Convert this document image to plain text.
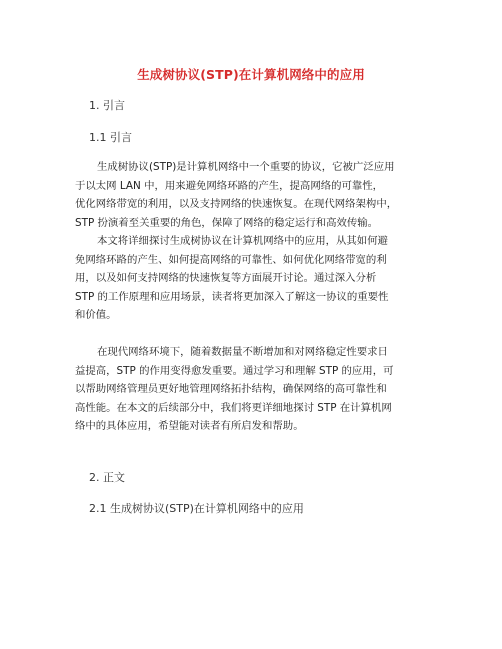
生成树协议(STP)在计算机网络中的应用
1. 引言
1.1 引言
生成树协议(STP)是计算机网络中一个重要的协议，它被广泛应用
于以太网 LAN 中，用来避免网络环路的产生，提高网络的可靠性，
优化网络带宽的利用，以及支持网络的快速恢复。在现代网络架构中，
STP 扮演着至关重要的角色，保障了网络的稳定运行和高效传输。
本文将详细探讨生成树协议在计算机网络中的应用，从其如何避
免网络环路的产生、如何提高网络的可靠性、如何优化网络带宽的利
用，以及如何支持网络的快速恢复等方面展开讨论。通过深入分析
STP 的工作原理和应用场景，读者将更加深入了解这一协议的重要性
和价值。
在现代网络环境下，随着数据量不断增加和对网络稳定性要求日
益提高，STP 的作用变得愈发重要。通过学习和理解 STP 的应用，可
以帮助网络管理员更好地管理网络拓扑结构，确保网络的高可靠性和
高性能。在本文的后续部分中，我们将更详细地探讨 STP 在计算机网
络中的具体应用，希望能对读者有所启发和帮助。
2. 正文
2.1 生成树协议(STP)在计算机网络中的应用
